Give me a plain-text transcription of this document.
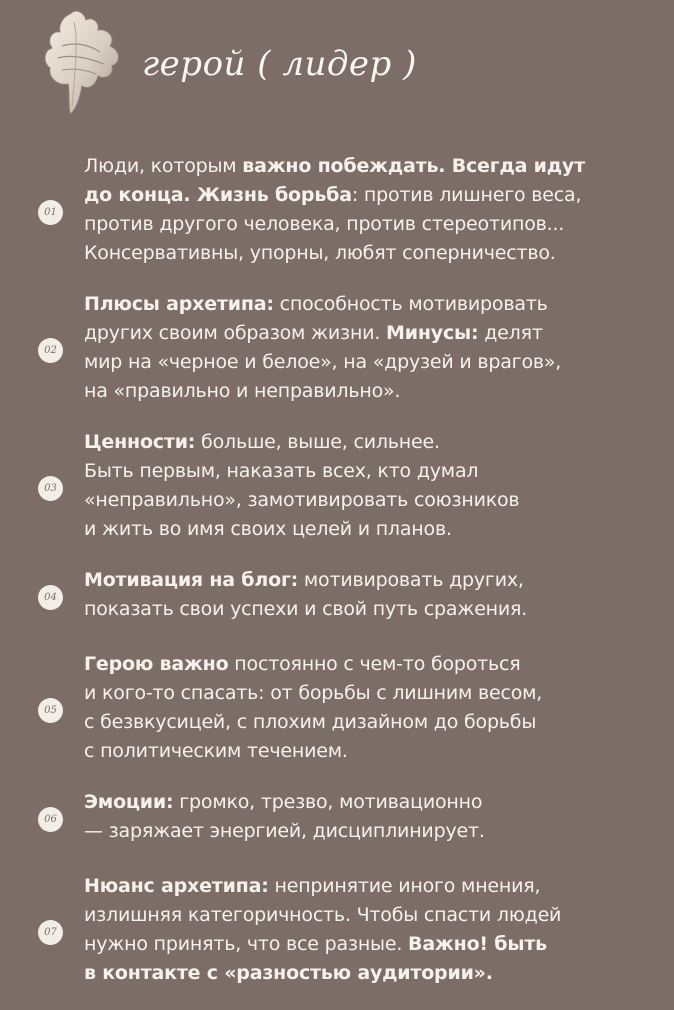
герой ( лидер )
01
Люди, которым важно побеждать. Всегда идут
до конца. Жизнь борьба: против лишнего веса,
против другого человека, против стереотипов...
Консервативны, упорны, любят соперничество.
02
Плюсы архетипа: способность мотивировать
других своим образом жизни. Минусы: делят
мир на «черное и белое», на «друзей и врагов»,
на «правильно и неправильно».
03
Ценности: больше, выше, сильнее.
Быть первым, наказать всех, кто думал
«неправильно», замотивировать союзников
и жить во имя своих целей и планов.
04
Мотивация на блог: мотивировать других,
показать свои успехи и свой путь сражения.
05
Герою важно постоянно с чем-то бороться
и кого-то спасать: от борьбы с лишним весом,
с безвкусицей, с плохим дизайном до борьбы
с политическим течением.
06
Эмоции: громко, трезво, мотивационно
— заряжает энергией, дисциплинирует.
07
Нюанс архетипа: непринятие иного мнения,
излишняя категоричность. Чтобы спасти людей
нужно принять, что все разные. Важно! быть
в контакте с «разностью аудитории».
